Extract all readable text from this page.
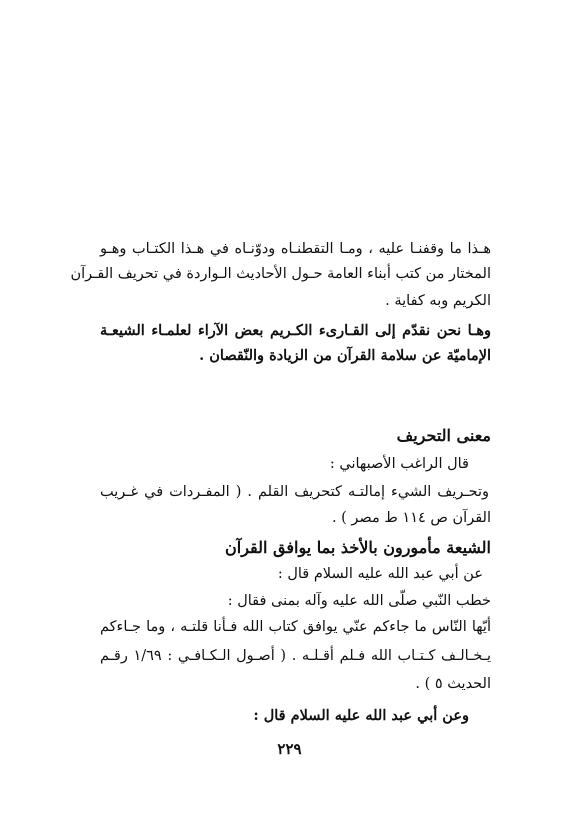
هـذا ما وقفنـا عليه ، ومـا التقطنـاه ودوّنـاه في هـذا الكتـاب وهـو
المختار من كتب أبناء العامة حـول الأحاديث الـواردة في تحريف القـرآن
الكريم وبه كفاية .
وهـا نحن نقدّم إلى القـارىء الكـريم بعض الآراء لعلمـاء الشيعـة
الإماميّة عن سلامة القرآن من الزيادة والنّقصان .
معنى التحريف
قال الراغب الأصبهاني :
وتحـريف الشيء إمالتـه كتحريف القلم . ( المفـردات في غـريب
القرآن ص ١١٤ ط مصر ) .
الشيعة مأمورون بالأخذ بما يوافق القرآن
عن أبي عبد الله عليه السلام قال :
خطب النّبي صلّى الله عليه وآله بمنى فقال :
أيّها النّاس ما جاءكم عنّي يوافق كتاب الله فـأنا قلتـه ، وما جـاءكم
يـخـالـف كـتـاب الله فـلم أقـلـه . ( أصـول الـكـافـي : ١/٦٩ رقـم
الحديث ٥ ) .
وعن أبي عبد الله عليه السلام قال :
٢٢٩
